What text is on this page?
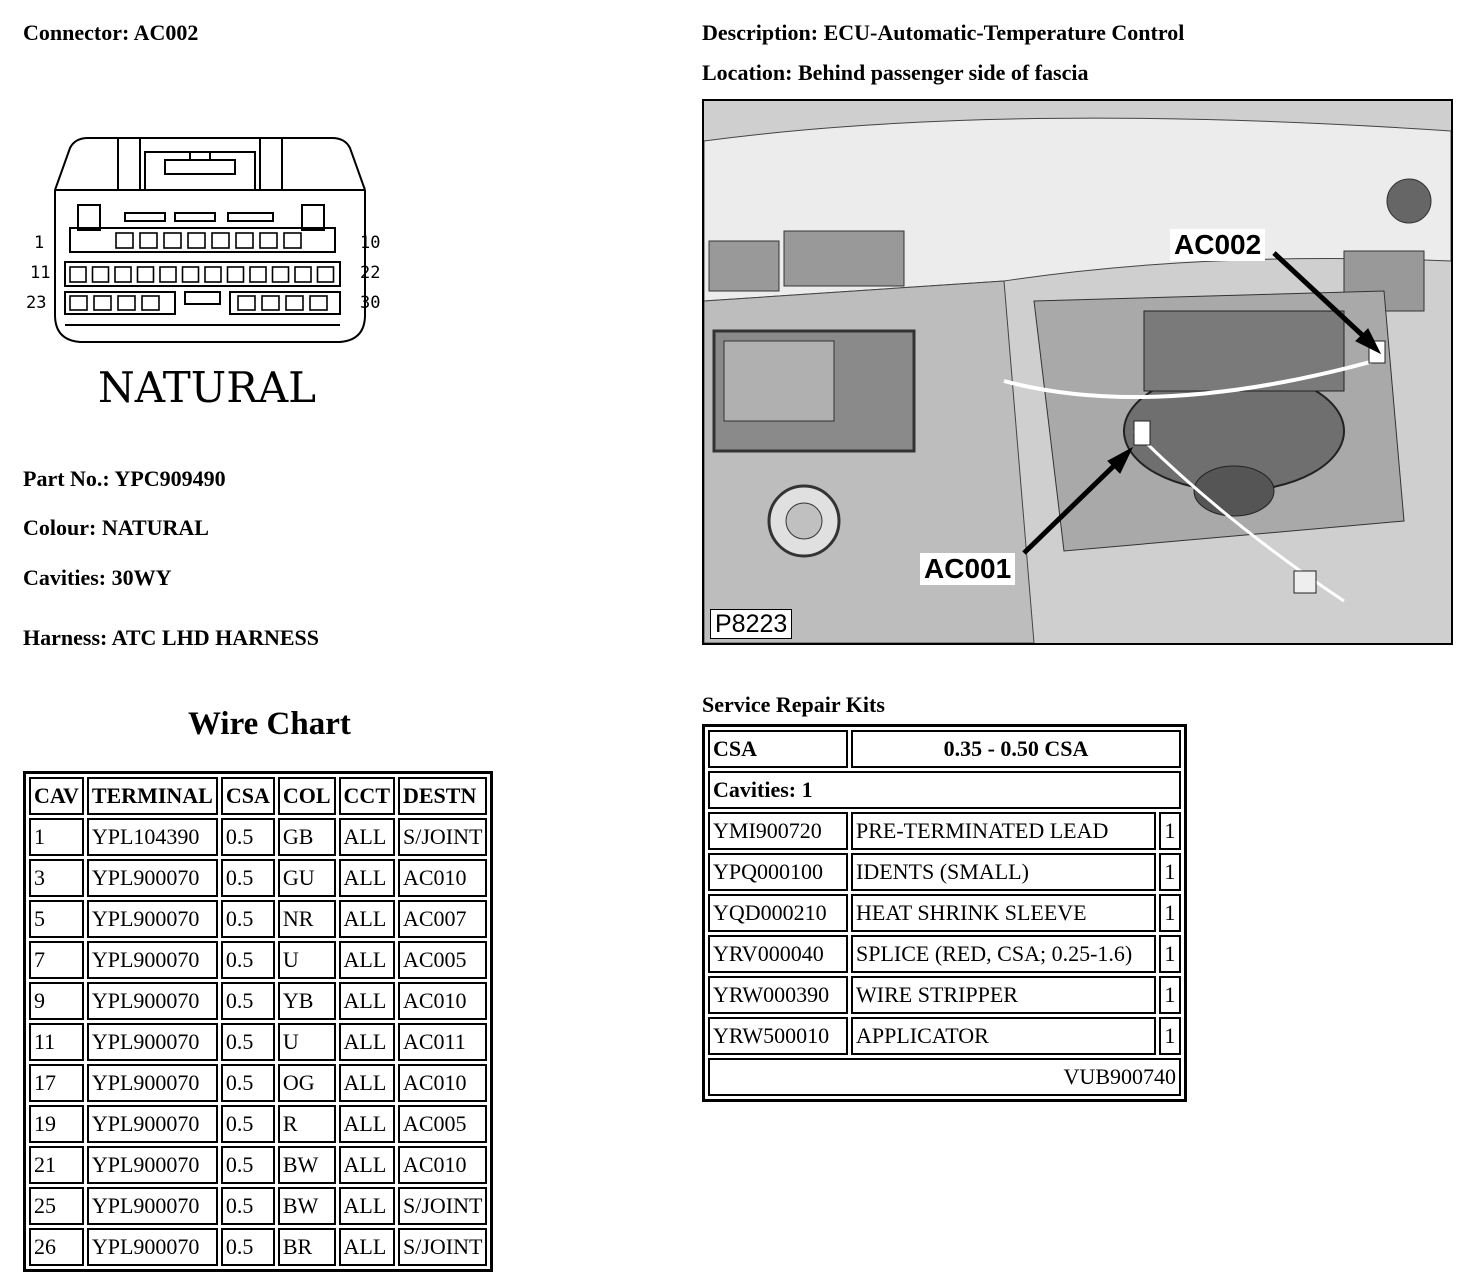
Connector: AC002	Description: ECU-Automatic-Temperature Control
Location: Behind passenger side of fascia
1	10
11	22
23	30
NATURAL
Part No.: YPC909490
Colour: NATURAL
Cavities: 30WY
Harness: ATC LHD HARNESS
AC002
AC001
P8223
Wire Chart
CAV	TERMINAL	CSA	COL	CCT	DESTN
1	YPL104390	0.5	GB	ALL	S/JOINT
3	YPL900070	0.5	GU	ALL	AC010
5	YPL900070	0.5	NR	ALL	AC007
7	YPL900070	0.5	U	ALL	AC005
9	YPL900070	0.5	YB	ALL	AC010
11	YPL900070	0.5	U	ALL	AC011
17	YPL900070	0.5	OG	ALL	AC010
19	YPL900070	0.5	R	ALL	AC005
21	YPL900070	0.5	BW	ALL	AC010
25	YPL900070	0.5	BW	ALL	S/JOINT
26	YPL900070	0.5	BR	ALL	S/JOINT
Service Repair Kits
CSA	0.35 - 0.50 CSA	
Cavities: 1		
YMI900720	PRE-TERMINATED LEAD	1
YPQ000100	IDENTS (SMALL)	1
YQD000210	HEAT SHRINK SLEEVE	1
YRV000040	SPLICE (RED, CSA; 0.25-1.6)	1
YRW000390	WIRE STRIPPER	1
YRW500010	APPLICATOR	1
VUB900740		
